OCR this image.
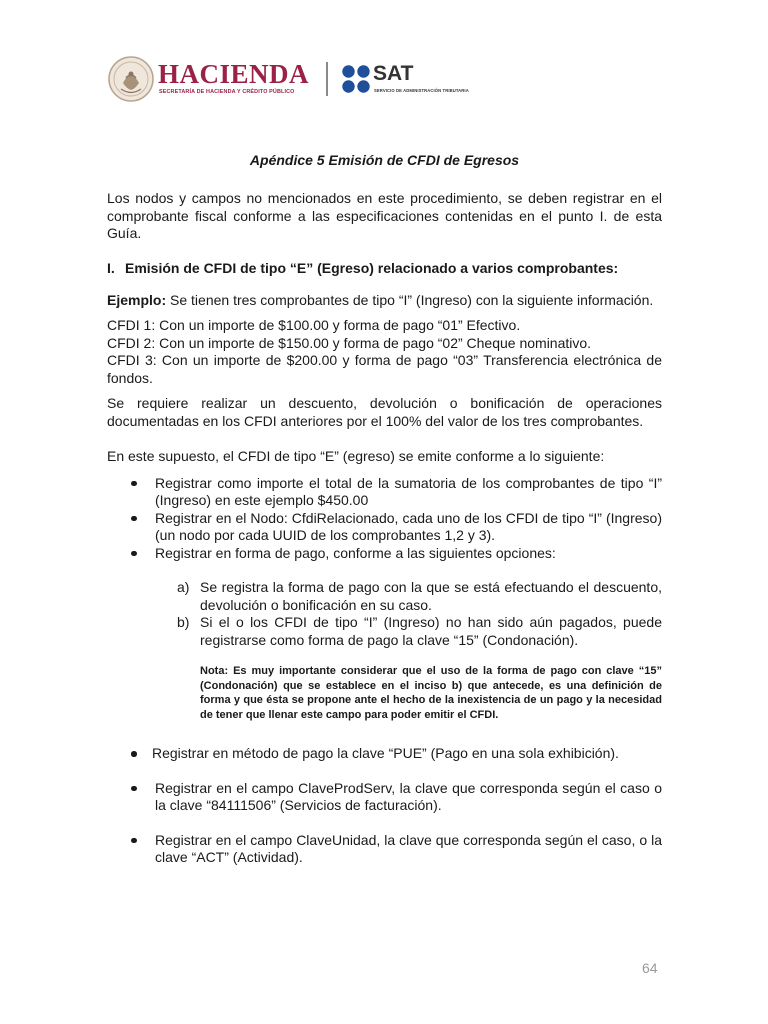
HACIENDA
SECRETARÍA DE HACIENDA Y CRÉDITO PÚBLICO
SAT
SERVICIO DE ADMINISTRACIÓN TRIBUTARIA

Apéndice 5 Emisión de CFDI de Egresos

Los nodos y campos no mencionados en este procedimiento, se deben registrar en el comprobante fiscal conforme a las especificaciones contenidas en el punto I. de esta Guía.

I. Emisión de CFDI de tipo “E” (Egreso) relacionado a varios comprobantes:

Ejemplo: Se tienen tres comprobantes de tipo “I” (Ingreso) con la siguiente información.

CFDI 1: Con un importe de $100.00 y forma de pago “01” Efectivo.

CFDI 2: Con un importe de $150.00 y forma de pago “02” Cheque nominativo.

CFDI 3: Con un importe de $200.00 y forma de pago “03” Transferencia electrónica de fondos.

Se requiere realizar un descuento, devolución o bonificación de operaciones documentadas en los CFDI anteriores por el 100% del valor de los tres comprobantes.

En este supuesto, el CFDI de tipo “E” (egreso) se emite conforme a lo siguiente:

Registrar como importe el total de la sumatoria de los comprobantes de tipo “I” (Ingreso) en este ejemplo $450.00
Registrar en el Nodo: CfdiRelacionado, cada uno de los CFDI de tipo “I” (Ingreso) (un nodo por cada UUID de los comprobantes 1,2 y 3).
Registrar en forma de pago, conforme a las siguientes opciones:
a) Se registra la forma de pago con la que se está efectuando el descuento, devolución o bonificación en su caso.
b) Si el o los CFDI de tipo “I” (Ingreso) no han sido aún pagados, puede registrarse como forma de pago la clave “15” (Condonación).

Nota: Es muy importante considerar que el uso de la forma de pago con clave “15” (Condonación) que se establece en el inciso b) que antecede, es una definición de forma y que ésta se propone ante el hecho de la inexistencia de un pago y la necesidad de tener que llenar este campo para poder emitir el CFDI.

Registrar en método de pago la clave “PUE” (Pago en una sola exhibición).
Registrar en el campo ClaveProdServ, la clave que corresponda según el caso o la clave “84111506” (Servicios de facturación).
Registrar en el campo ClaveUnidad, la clave que corresponda según el caso, o la clave “ACT” (Actividad).
64
